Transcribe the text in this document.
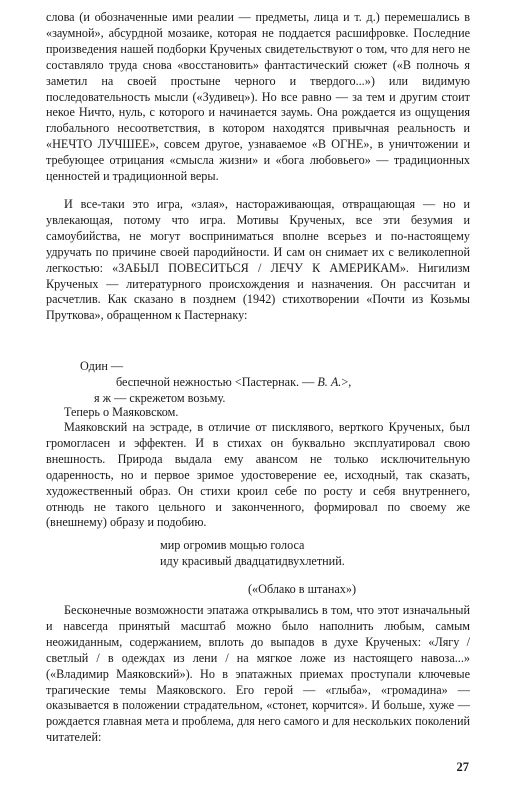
слова (и обозначенные ими реалии — предметы, лица и т. д.) перемешались в «заумной», абсурдной мозаике, которая не поддается расшифровке. Последние произведения нашей подборки Крученых свидетельствуют о том, что для него не составляло труда снова «восстановить» фантастический сюжет («В полночь я заметил на своей простыне черного и твердого...») или видимую последовательность мысли («Зудивец»). Но все равно — за тем и другим стоит некое Ничто, нуль, с которого и начинается заумь. Она рождается из ощущения глобального несоответствия, в котором находятся привычная реальность и «НЕЧТО ЛУЧШЕЕ», совсем другое, узнаваемое «В ОГНЕ», в уничтожении и требующее отрицания «смысла жизни» и «бога любовьего» — традиционных ценностей и традиционной веры.
И все-таки это игра, «злая», настораживающая, отвращающая — но и увлекающая, потому что игра. Мотивы Крученых, все эти безумия и самоубийства, не могут восприниматься вполне всерьез и по-настоящему удручать по причине своей пародийности. И сам он снимает их с великолепной легкостью: «ЗАБЫЛ ПОВЕСИТЬСЯ / ЛЕЧУ К АМЕРИКАМ». Нигилизм Крученых — литературного происхождения и назначения. Он рассчитан и расчетлив. Как сказано в позднем (1942) стихотворении «Почти из Козьмы Пруткова», обращенном к Пастернаку:
Один —
беспечной нежностью <Пастернак. — В. А.>,
я ж — скрежетом возьму.
Теперь о Маяковском.
Маяковский на эстраде, в отличие от писклявого, верткого Крученых, был громогласен и эффектен. И в стихах он буквально эксплуатировал свою внешность. Природа выдала ему авансом не только исключительную одаренность, но и первое зримое удостоверение ее, исходный, так сказать, художественный образ. Он стихи кроил себе по росту и себя внутреннего, отнюдь не такого цельного и законченного, формировал по своему же (внешнему) образу и подобию.
мир огромив мощью голоса
иду красивый двадцатидвухлетний.
(«Облако в штанах»)
Бесконечные возможности эпатажа открывались в том, что этот изначальный и навсегда принятый масштаб можно было наполнить любым, самым неожиданным, содержанием, вплоть до выпадов в духе Крученых: «Лягу / светлый / в одеждах из лени / на мягкое ложе из настоящего навоза...» («Владимир Маяковский»). Но в эпатажных приемах проступали ключевые трагические темы Маяковского. Его герой — «глыба», «громадина» — оказывается в положении страдательном, «стонет, корчится». И больше, хуже — рождается главная мета и проблема, для него самого и для нескольких поколений читателей:
27
